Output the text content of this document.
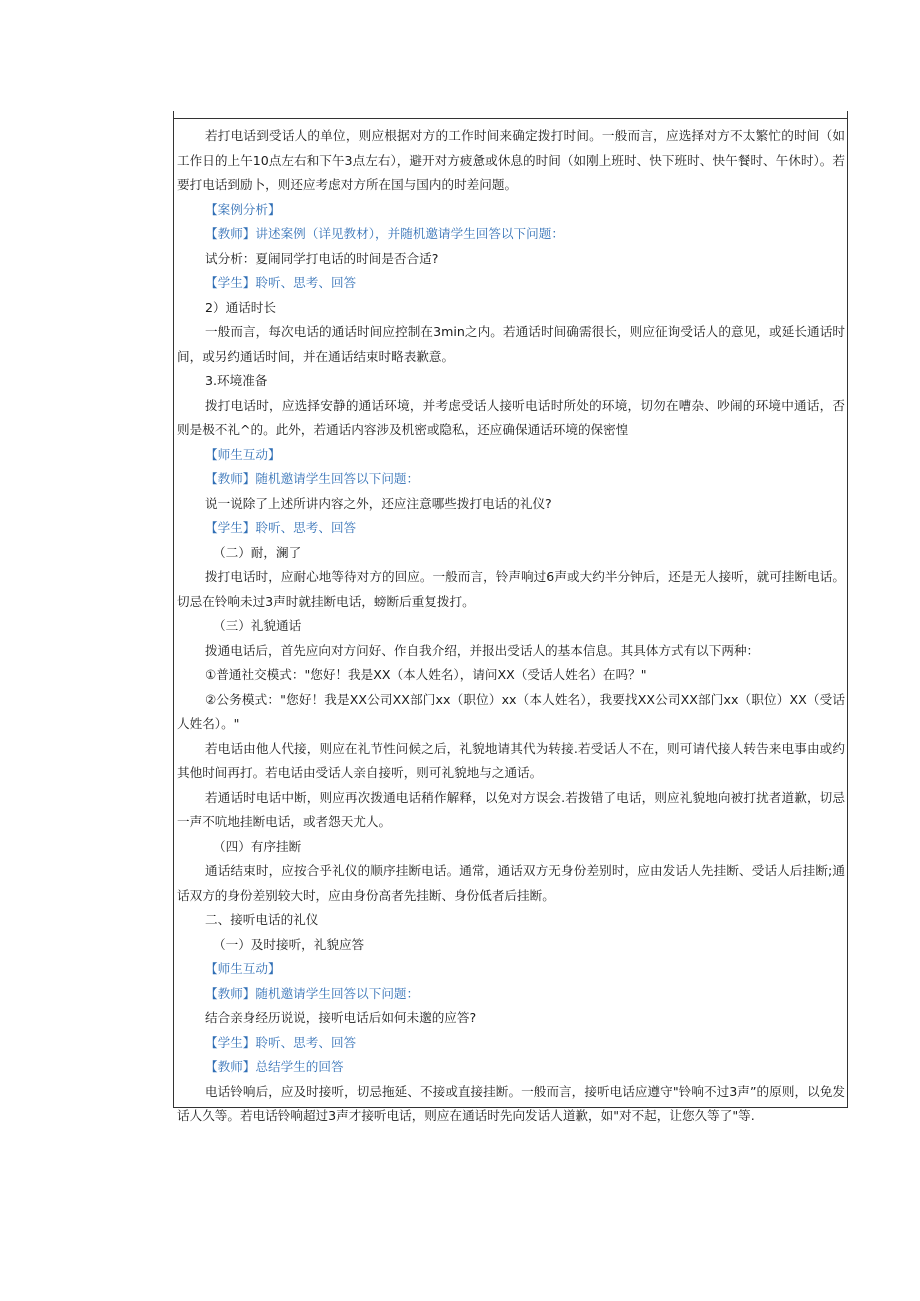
若打电话到受话人的单位，则应根据对方的工作时间来确定拨打时间。一般而言，应选择对方不太繁忙的时间（如工作日的上午10点左右和下午3点左右），避开对方疲惫或休息的时间（如刚上班时、快下班时、快午餐时、午休时）。若要打电话到励卜，则还应考虑对方所在国与国内的时差问题。

【案例分析】

【教师】讲述案例（详见教材），并随机邀请学生回答以下问题：

试分析：夏闹同学打电话的时间是否合适?

【学生】聆听、思考、回答

2）通话时长

一般而言，每次电话的通话时间应控制在3min之内。若通话时间确需很长，则应征询受话人的意见，或延长通话时间，或另约通话时间，并在通话结束时略表歉意。

3.环境准备

拨打电话时，应选择安静的通话环境，并考虑受话人接听电话时所处的环境，切勿在嘈杂、吵闹的环境中通话，否则是极不礼^的。此外，若通话内容涉及机密或隐私，还应确保通话环境的保密惶

【师生互动】

【教师】随机邀请学生回答以下问题：

说一说除了上述所讲内容之外，还应注意哪些拨打电话的礼仪?

【学生】聆听、思考、回答

（二）耐，澜了

拨打电话时，应耐心地等待对方的回应。一般而言，铃声响过6声或大约半分钟后，还是无人接听，就可挂断电话。切忌在铃响未过3声时就挂断电话，螃断后重复拨打。

（三）礼貌通话

拨通电话后，首先应向对方问好、作自我介绍，并报出受话人的基本信息。其具体方式有以下两种：

①普通社交模式："您好！我是XX（本人姓名），请问XX（受话人姓名）在吗？"

②公务模式："您好！我是XX公司XX部门xx（职位）xx（本人姓名），我要找XX公司XX部门xx（职位）XX（受话人姓名）。"

若电话由他人代接，则应在礼节性问候之后，礼貌地请其代为转接.若受话人不在，则可请代接人转告来电事由或约其他时间再打。若电话由受话人亲自接听，则可礼貌地与之通话。

若通话时电话中断，则应再次拨通电话稍作解释，以免对方误会.若拨错了电话，则应礼貌地向被打扰者道歉，切忌一声不吭地挂断电话，或者怨天尤人。

（四）有序挂断

通话结束时，应按合乎礼仪的顺序挂断电话。通常，通话双方无身份差别时，应由发话人先挂断、受话人后挂断;通话双方的身份差别较大时，应由身份高者先挂断、身份低者后挂断。

二、接听电话的礼仪

（一）及时接听，礼貌应答

【师生互动】

【教师】随机邀请学生回答以下问题：

结合亲身经历说说，接听电话后如何未邈的应答?

【学生】聆听、思考、回答

【教师】总结学生的回答

电话铃响后，应及时接听，切忌拖延、不接或直接挂断。一般而言，接听电话应遵守"铃响不过3声”的原则，以免发话人久等。若电话铃响超过3声才接听电话，则应在通话时先向发话人道歉，如"对不起，让您久等了"等.
